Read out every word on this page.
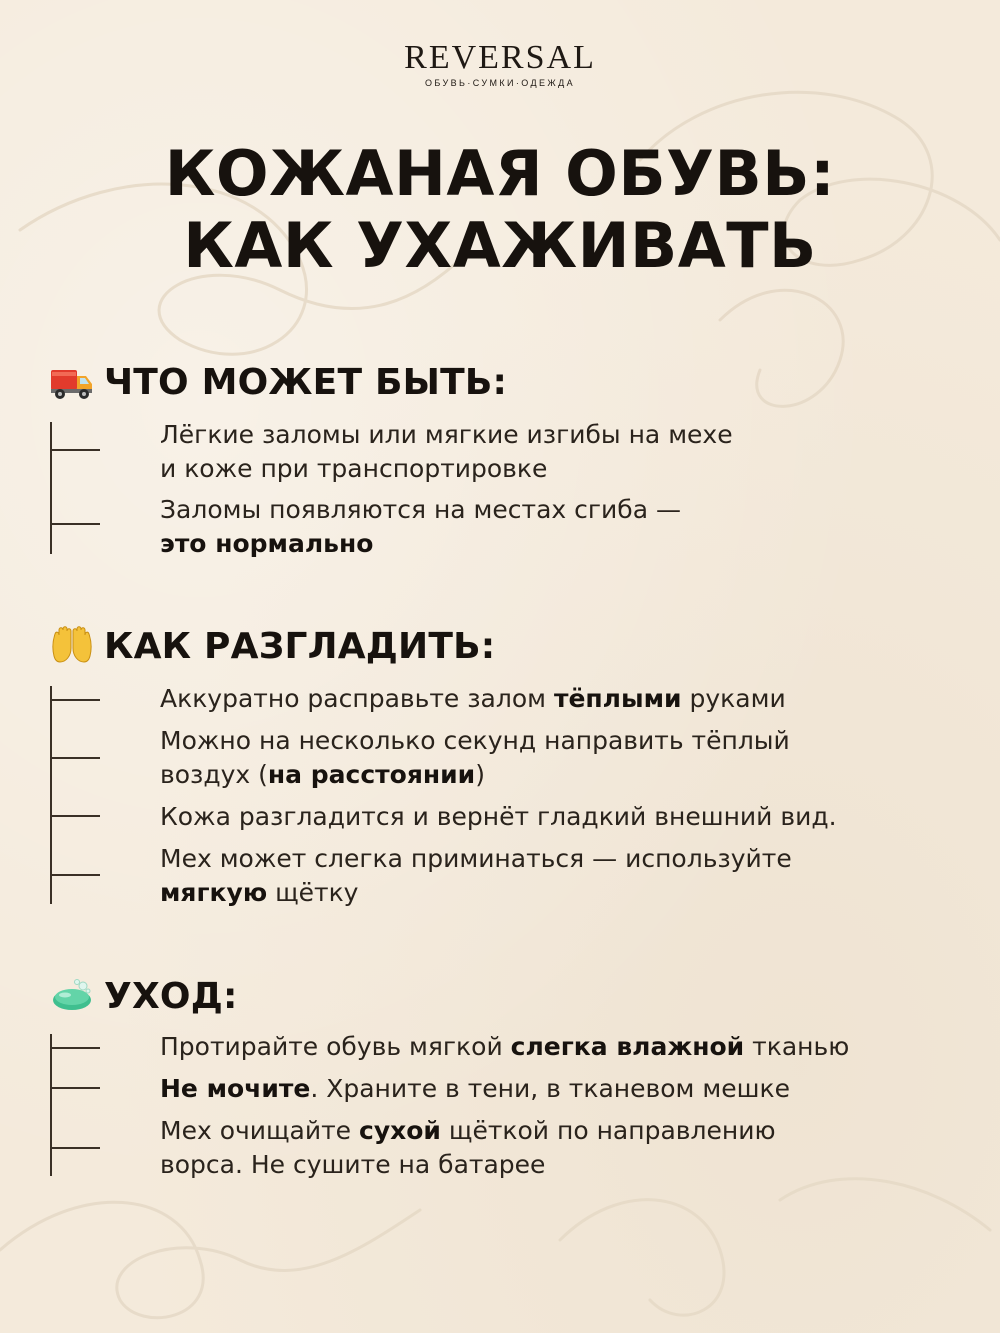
REVERSAL
ОБУВЬ·СУМКИ·ОДЕЖДА
КОЖАНАЯ ОБУВЬ:
КАК УХАЖИВАТЬ
ЧТО МОЖЕТ БЫТЬ:
Лёгкие заломы или мягкие изгибы на мехе
и коже при транспортировке
Заломы появляются на местах сгиба —
это нормально
КАК РАЗГЛАДИТЬ:
Аккуратно расправьте залом тёплыми руками
Можно на несколько секунд направить тёплый
воздух (на расстоянии)
Кожа разгладится и вернёт гладкий внешний вид.
Мех может слегка приминаться — используйте
мягкую щётку
УХОД:
Протирайте обувь мягкой слегка влажной тканью
Не мочите. Храните в тени, в тканевом мешке
Мех очищайте сухой щёткой по направлению
ворса. Не сушите на батарее
